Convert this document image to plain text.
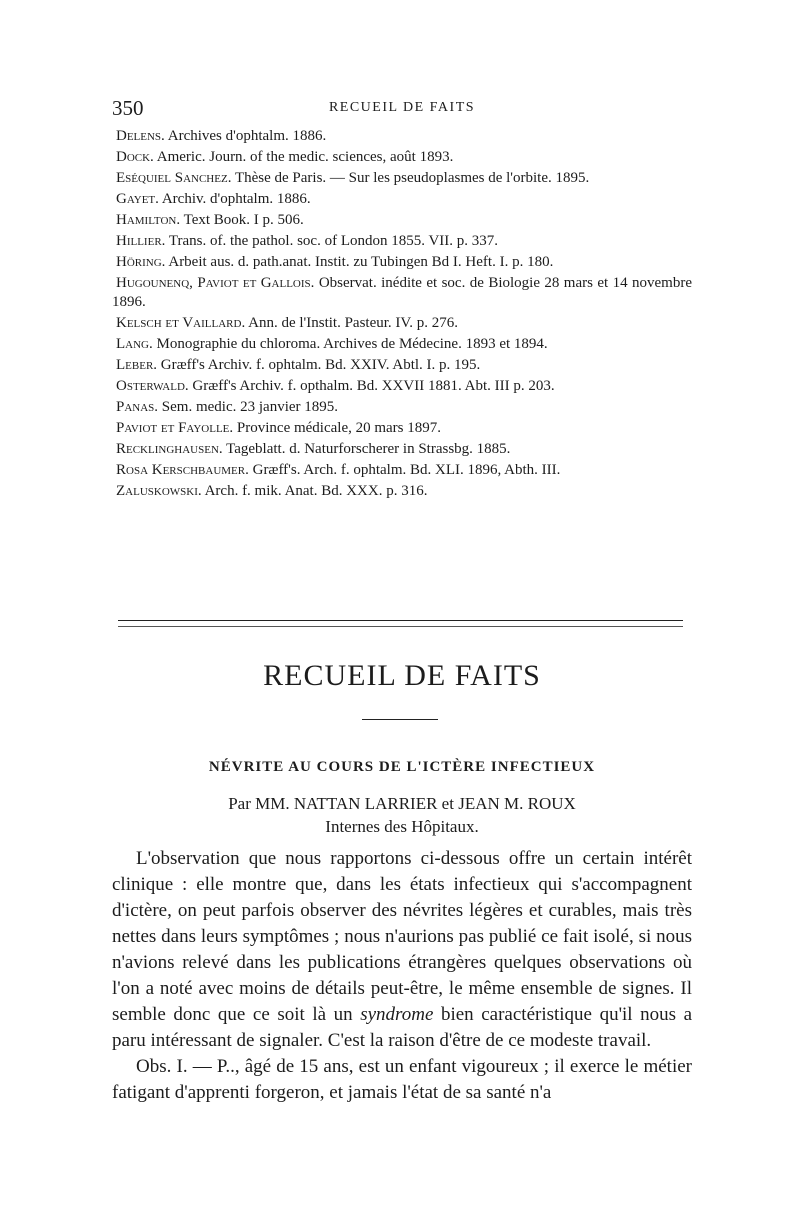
350	RECUEIL DE FAITS
Delens. Archives d'ophtalm. 1886.
Dock. Americ. Journ. of the medic. sciences, août 1893.
Eséquiel Sanchez. Thèse de Paris. — Sur les pseudoplasmes de l'orbite. 1895.
Gayet. Archiv. d'ophtalm. 1886.
Hamilton. Text Book. I p. 506.
Hillier. Trans. of. the pathol. soc. of London 1855. VII. p. 337.
Höring. Arbeit aus. d. path.anat. Instit. zu Tubingen Bd I. Heft. I. p. 180.
Hugounenq, Paviot et Gallois. Observat. inédite et soc. de Biologie 28 mars et 14 novembre 1896.
Kelsch et Vaillard. Ann. de l'Instit. Pasteur. IV. p. 276.
Lang. Monographie du chloroma. Archives de Médecine. 1893 et 1894.
Leber. Græff's Archiv. f. ophtalm. Bd. XXIV. Abtl. I. p. 195.
Osterwald. Græff's Archiv. f. opthalm. Bd. XXVII 1881. Abt. III p. 203.
Panas. Sem. medic. 23 janvier 1895.
Paviot et Fayolle. Province médicale, 20 mars 1897.
Recklinghausen. Tageblatt. d. Naturforscherer in Strassbg. 1885.
Rosa Kerschbaumer. Græff's. Arch. f. ophtalm. Bd. XLI. 1896, Abth. III.
Zaluskowski. Arch. f. mik. Anat. Bd. XXX. p. 316.
RECUEIL DE FAITS
NÉVRITE AU COURS DE L'ICTÈRE INFECTIEUX
Par MM. NATTAN LARRIER et JEAN M. ROUX
Internes des Hôpitaux.

L'observation que nous rapportons ci-dessous offre un certain intérêt clinique : elle montre que, dans les états infectieux qui s'accompagnent d'ictère, on peut parfois observer des névrites légères et curables, mais très nettes dans leurs symptômes ; nous n'aurions pas publié ce fait isolé, si nous n'avions relevé dans les publications étrangères quelques observations où l'on a noté avec moins de détails peut-être, le même ensemble de signes. Il semble donc que ce soit là un syndrome bien caractéristique qu'il nous a paru intéressant de signaler. C'est la raison d'être de ce modeste travail.

Obs. I. — P.., âgé de 15 ans, est un enfant vigoureux ; il exerce le métier fatigant d'apprenti forgeron, et jamais l'état de sa santé n'a
